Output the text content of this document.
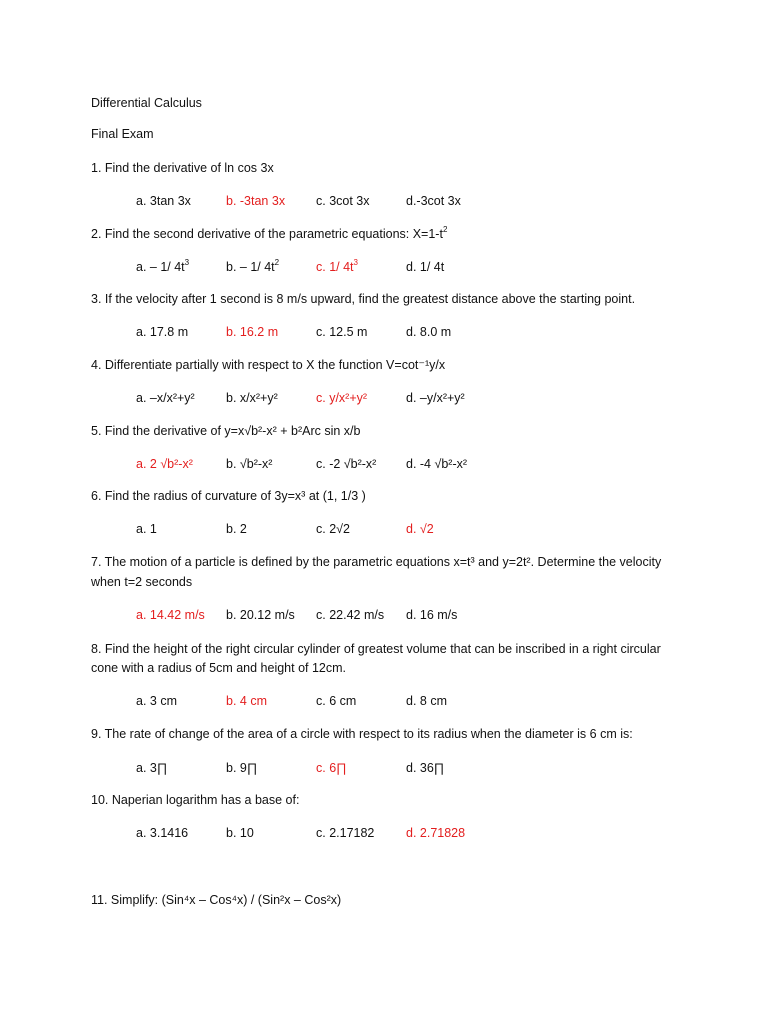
Differential Calculus
Final Exam
1. Find the derivative of ln cos 3x
a. 3tan 3x	b. -3tan 3x c. 3cot 3x	d.-3cot 3x
2. Find the second derivative of the parametric equations: $X=1-t^2$
a. – 1/ $4t^3$	b. – 1/ $4t^2$	c. 1/ $4t^3$	d. 1/ 4t
3. If the velocity after 1 second is 8 m/s upward, find the greatest distance above the starting point.
a. 17.8 m	b. 16.2 m	c. 12.5 m	d. 8.0 m
4. Differentiate partially with respect to X the function V=cot⁻¹y/x
a. –x/x²+y²	b. x/x²+y²	c. y/x²+y²	d. –y/x²+y²
5. Find the derivative of y=x√b²-x² + b²Arc sin x/b
a. 2 √b²-x²	b. √b²-x²	c. -2 √b²-x² d. -4 √b²-x²
6. Find the radius of curvature of 3y=x³ at (1, 1/3 )
a. 1	b. 2	c. 2√2	d. √2
7. The motion of a particle is defined by the parametric equations x=t³ and y=2t². Determine the velocity
when t=2 seconds
a. 14.42 m/s b. 20.12 m/s c. 22.42 m/s d. 16 m/s
8. Find the height of the right circular cylinder of greatest volume that can be inscribed in a right circular
cone with a radius of 5cm and height of 12cm.
a. 3 cm	b. 4 cm	c. 6 cm	d. 8 cm
9. The rate of change of the area of a circle with respect to its radius when the diameter is 6 cm is:
a. 3∏	b. 9∏	c. 6∏	d. 36∏
10. Naperian logarithm has a base of:
a. 3.1416	b. 10	c. 2.17182	d. 2.71828
11. Simplify: (Sin⁴x – Cos⁴x) / (Sin²x – Cos²x)
